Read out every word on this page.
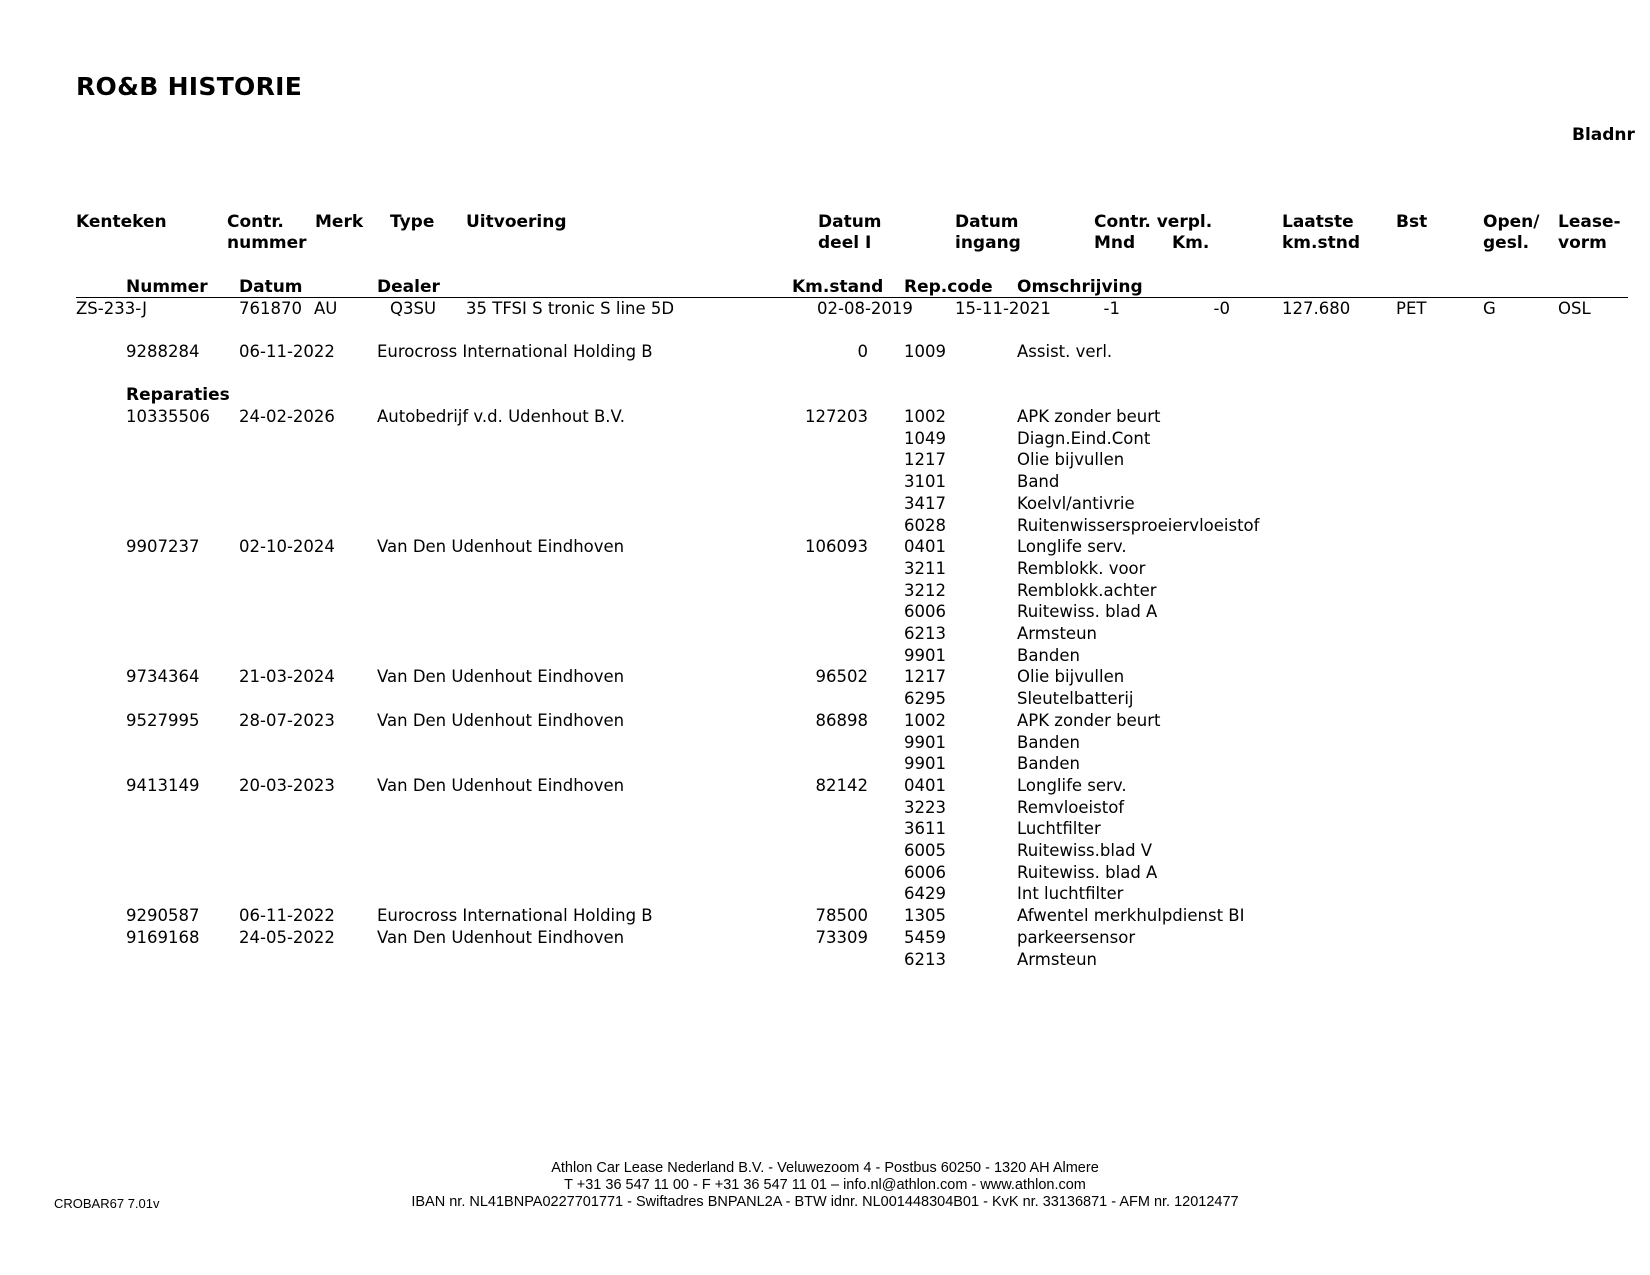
RO&B HISTORIE
Bladnr
Kenteken	Contr.
nummer
Merk Type Uitvoering	Datum
deel I
Datum
ingang
Contr. verpl.
Mnd Km.
Laatste
km.stnd
Bst	Open/
gesl.
Lease-
vorm
Nummer Datum	Dealer	Km.stand Rep.code Omschrijving
ZS-233-J	761870 AU	Q3SU 35 TFSI S tronic S line 5D	02-08-2019	15-11-2021	-1	-0	127.680	PET	G	OSL
9288284 06-11-2022	Eurocross International Holding B	0 1009	Assist. verl.
Reparaties
10335506 24-02-2026	Autobedrijf v.d. Udenhout B.V.	127203 1002	APK zonder beurt
1049	Diagn.Eind.Cont
1217	Olie bijvullen
3101	Band
3417	Koelvl/antivrie
6028	Ruitenwissersproeiervloeistof
9907237 02-10-2024	Van Den Udenhout Eindhoven	106093 0401	Longlife serv.
3211	Remblokk. voor
3212	Remblokk.achter
6006	Ruitewiss. blad A
6213	Armsteun
9901	Banden
9734364 21-03-2024	Van Den Udenhout Eindhoven	96502 1217	Olie bijvullen
6295	Sleutelbatterij
9527995 28-07-2023	Van Den Udenhout Eindhoven	86898 1002	APK zonder beurt
9901	Banden
9901	Banden
9413149 20-03-2023	Van Den Udenhout Eindhoven	82142 0401	Longlife serv.
3223	Remvloeistof
3611	Luchtfilter
6005	Ruitewiss.blad V
6006	Ruitewiss. blad A
6429	Int luchtfilter
9290587 06-11-2022	Eurocross International Holding B	78500 1305	Afwentel merkhulpdienst BI
9169168 24-05-2022	Van Den Udenhout Eindhoven	73309 5459	parkeersensor
6213	Armsteun
Athlon Car Lease Nederland B.V. - Veluwezoom 4 - Postbus 60250 - 1320 AH Almere
T +31 36 547 11 00 - F +31 36 547 11 01 – info.nl@athlon.com - www.athlon.com
IBAN nr. NL41BNPA0227701771 - Swiftadres BNPANL2A - BTW idnr. NL001448304B01 - KvK nr. 33136871 - AFM nr. 12012477
CROBAR67 7.01v
